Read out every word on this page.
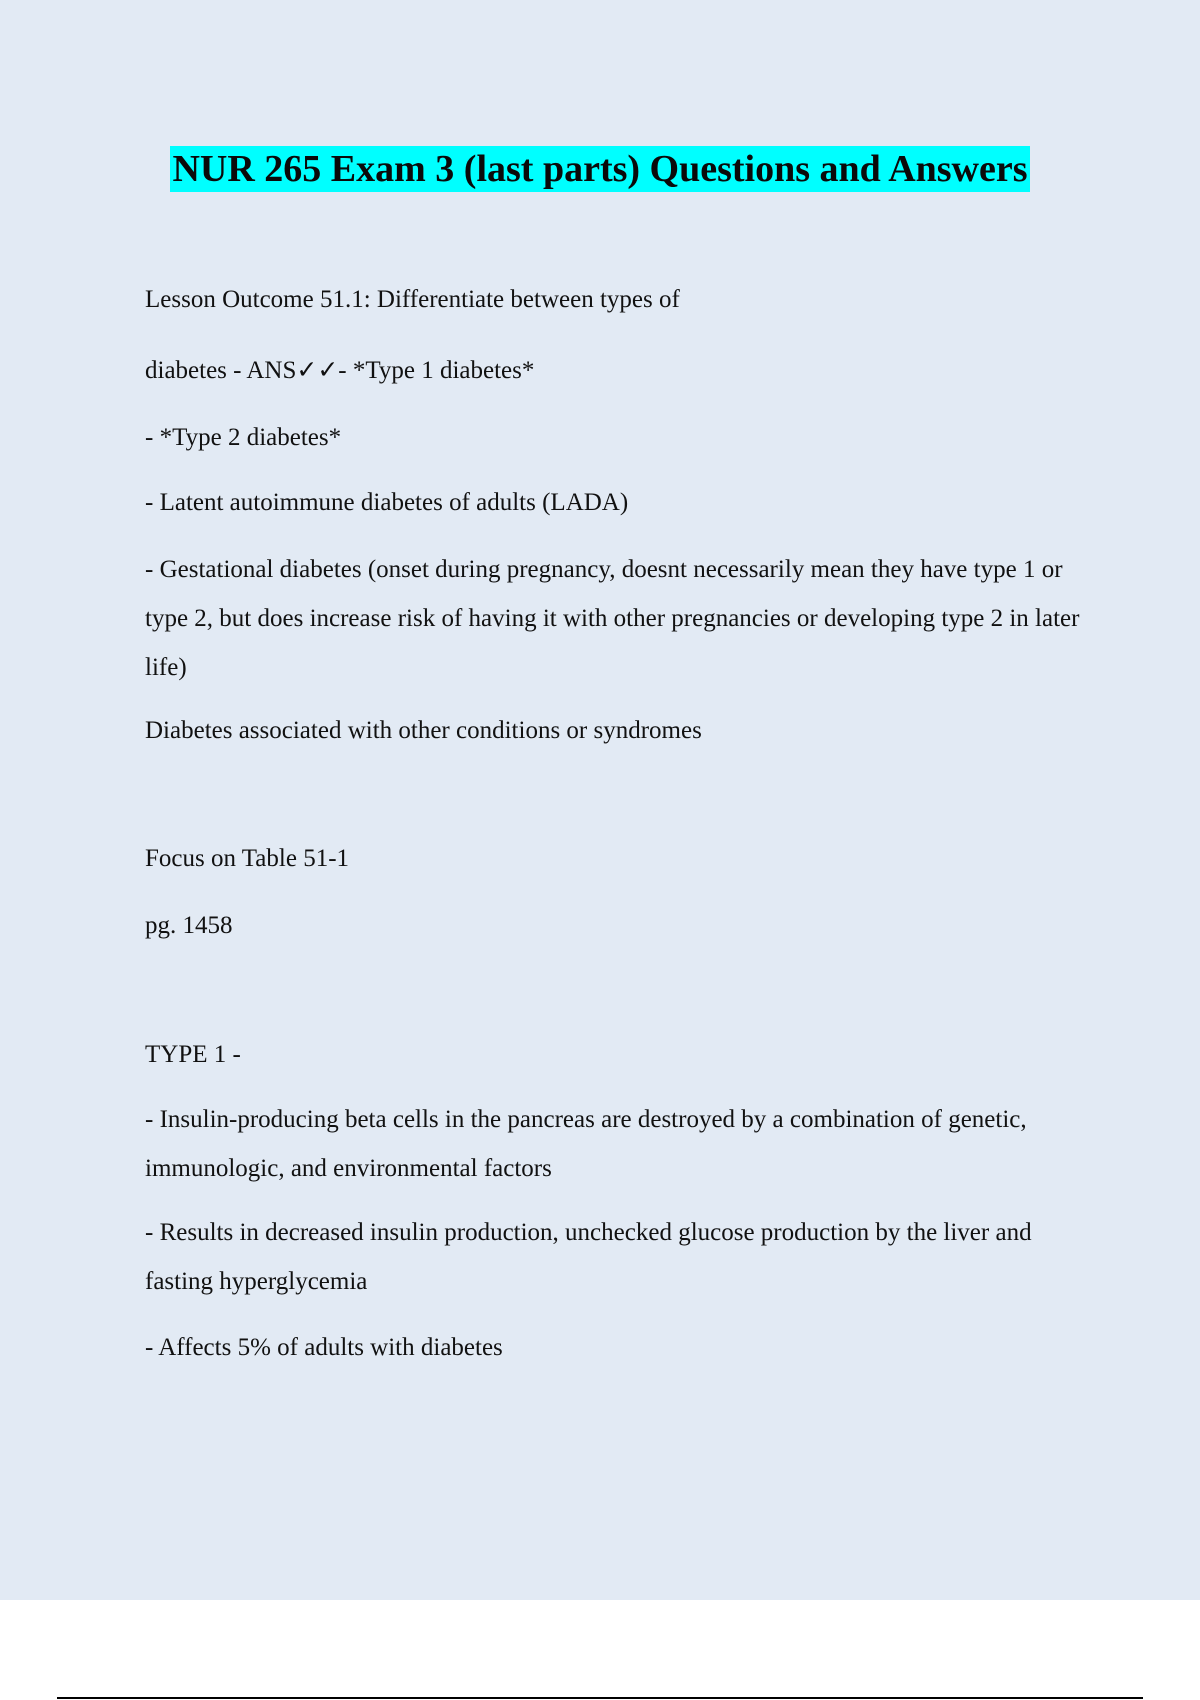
NUR 265 Exam 3 (last parts) Questions and Answers
Lesson Outcome 51.1: Differentiate between types of
diabetes - ANS✓✓- *Type 1 diabetes*
- *Type 2 diabetes*
- Latent autoimmune diabetes of adults (LADA)
- Gestational diabetes (onset during pregnancy, doesnt necessarily mean they have type 1 or type 2, but does increase risk of having it with other pregnancies or developing type 2 in later life)
Diabetes associated with other conditions or syndromes
Focus on Table 51-1
pg. 1458
TYPE 1 -
- Insulin-producing beta cells in the pancreas are destroyed by a combination of genetic, immunologic, and environmental factors
- Results in decreased insulin production, unchecked glucose production by the liver and fasting hyperglycemia
- Affects 5% of adults with diabetes
